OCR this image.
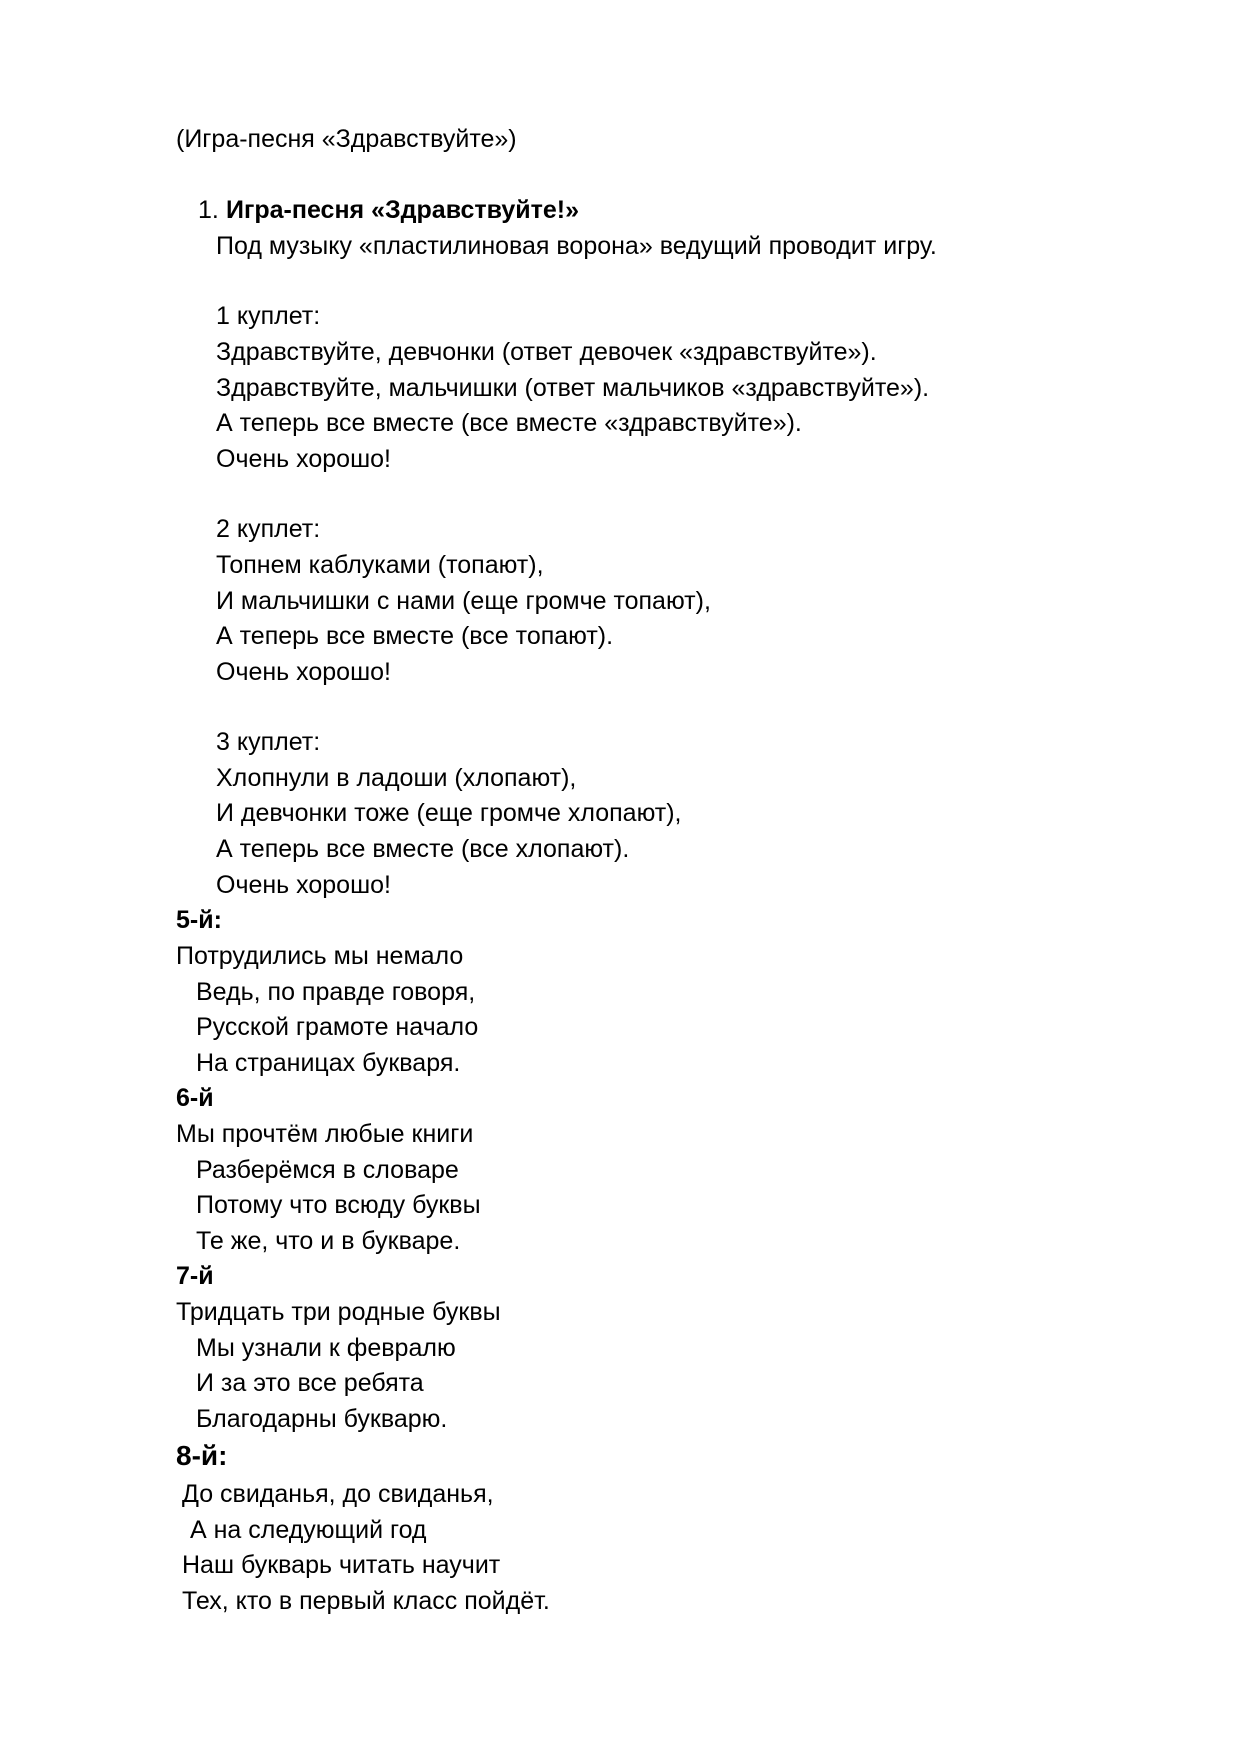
(Игра-песня «Здравствуйте»)
1. Игра-песня «Здравствуйте!»
Под музыку «пластилиновая ворона» ведущий проводит игру.
1 куплет:
Здравствуйте, девчонки (ответ девочек «здравствуйте»).
Здравствуйте, мальчишки (ответ мальчиков «здравствуйте»).
А теперь все вместе (все вместе «здравствуйте»).
Очень хорошо!
2 куплет:
Топнем каблуками (топают),
И мальчишки с нами (еще громче топают),
А теперь все вместе (все топают).
Очень хорошо!
3 куплет:
Хлопнули в ладоши (хлопают),
И девчонки тоже (еще громче хлопают),
А теперь все вместе (все хлопают).
Очень хорошо!
5-й:
Потрудились мы немало
Ведь, по правде говоря,
Русской грамоте начало
На страницах букваря.
6-й
Мы прочтём любые книги
Разберёмся в словаре
Потому что всюду буквы
Те же, что и в букваре.
7-й
Тридцать три родные буквы
Мы узнали к февралю
И за это все ребята
Благодарны букварю.
8-й:
До свиданья, до свиданья,
А на следующий год
Наш букварь читать научит
Тех, кто в первый класс пойдёт.
